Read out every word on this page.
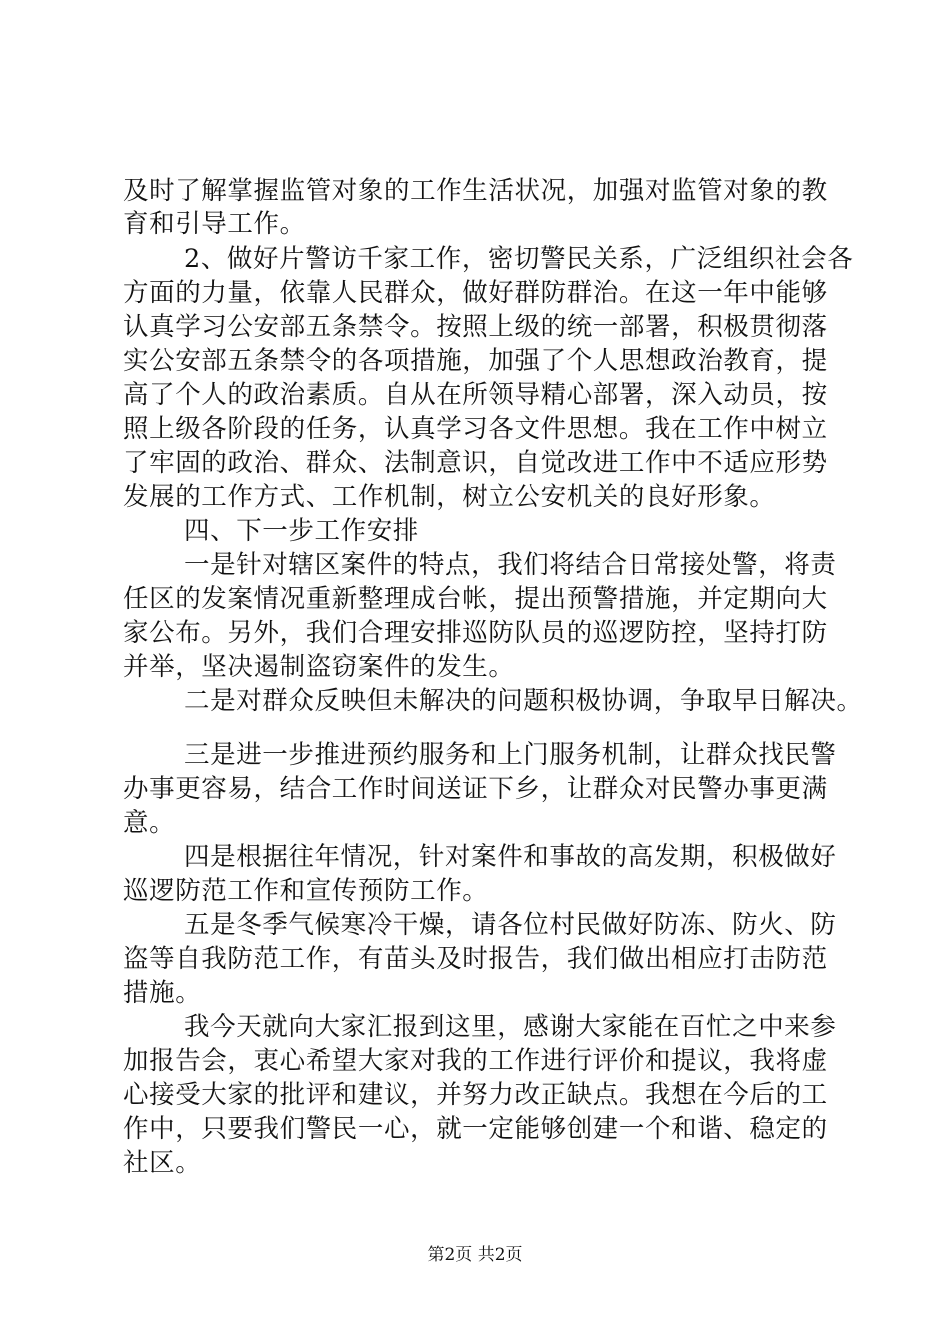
及时了解掌握监管对象的工作生活状况，加强对监管对象的教
育和引导工作。
2、做好片警访千家工作，密切警民关系，广泛组织社会各
方面的力量，依靠人民群众，做好群防群治。在这一年中能够
认真学习公安部五条禁令。按照上级的统一部署，积极贯彻落
实公安部五条禁令的各项措施，加强了个人思想政治教育，提
高了个人的政治素质。自从在所领导精心部署，深入动员，按
照上级各阶段的任务，认真学习各文件思想。我在工作中树立
了牢固的政治、群众、法制意识，自觉改进工作中不适应形势
发展的工作方式、工作机制，树立公安机关的良好形象。
四、下一步工作安排
一是针对辖区案件的特点，我们将结合日常接处警，将责
任区的发案情况重新整理成台帐，提出预警措施，并定期向大
家公布。另外，我们合理安排巡防队员的巡逻防控，坚持打防
并举，坚决遏制盗窃案件的发生。
二是对群众反映但未解决的问题积极协调，争取早日解决。
三是进一步推进预约服务和上门服务机制，让群众找民警
办事更容易，结合工作时间送证下乡，让群众对民警办事更满
意。
四是根据往年情况，针对案件和事故的高发期，积极做好
巡逻防范工作和宣传预防工作。
五是冬季气候寒冷干燥，请各位村民做好防冻、防火、防
盗等自我防范工作，有苗头及时报告，我们做出相应打击防范
措施。
我今天就向大家汇报到这里，感谢大家能在百忙之中来参
加报告会，衷心希望大家对我的工作进行评价和提议，我将虚
心接受大家的批评和建议，并努力改正缺点。我想在今后的工
作中，只要我们警民一心，就一定能够创建一个和谐、稳定的
社区。
第2页 共2页
